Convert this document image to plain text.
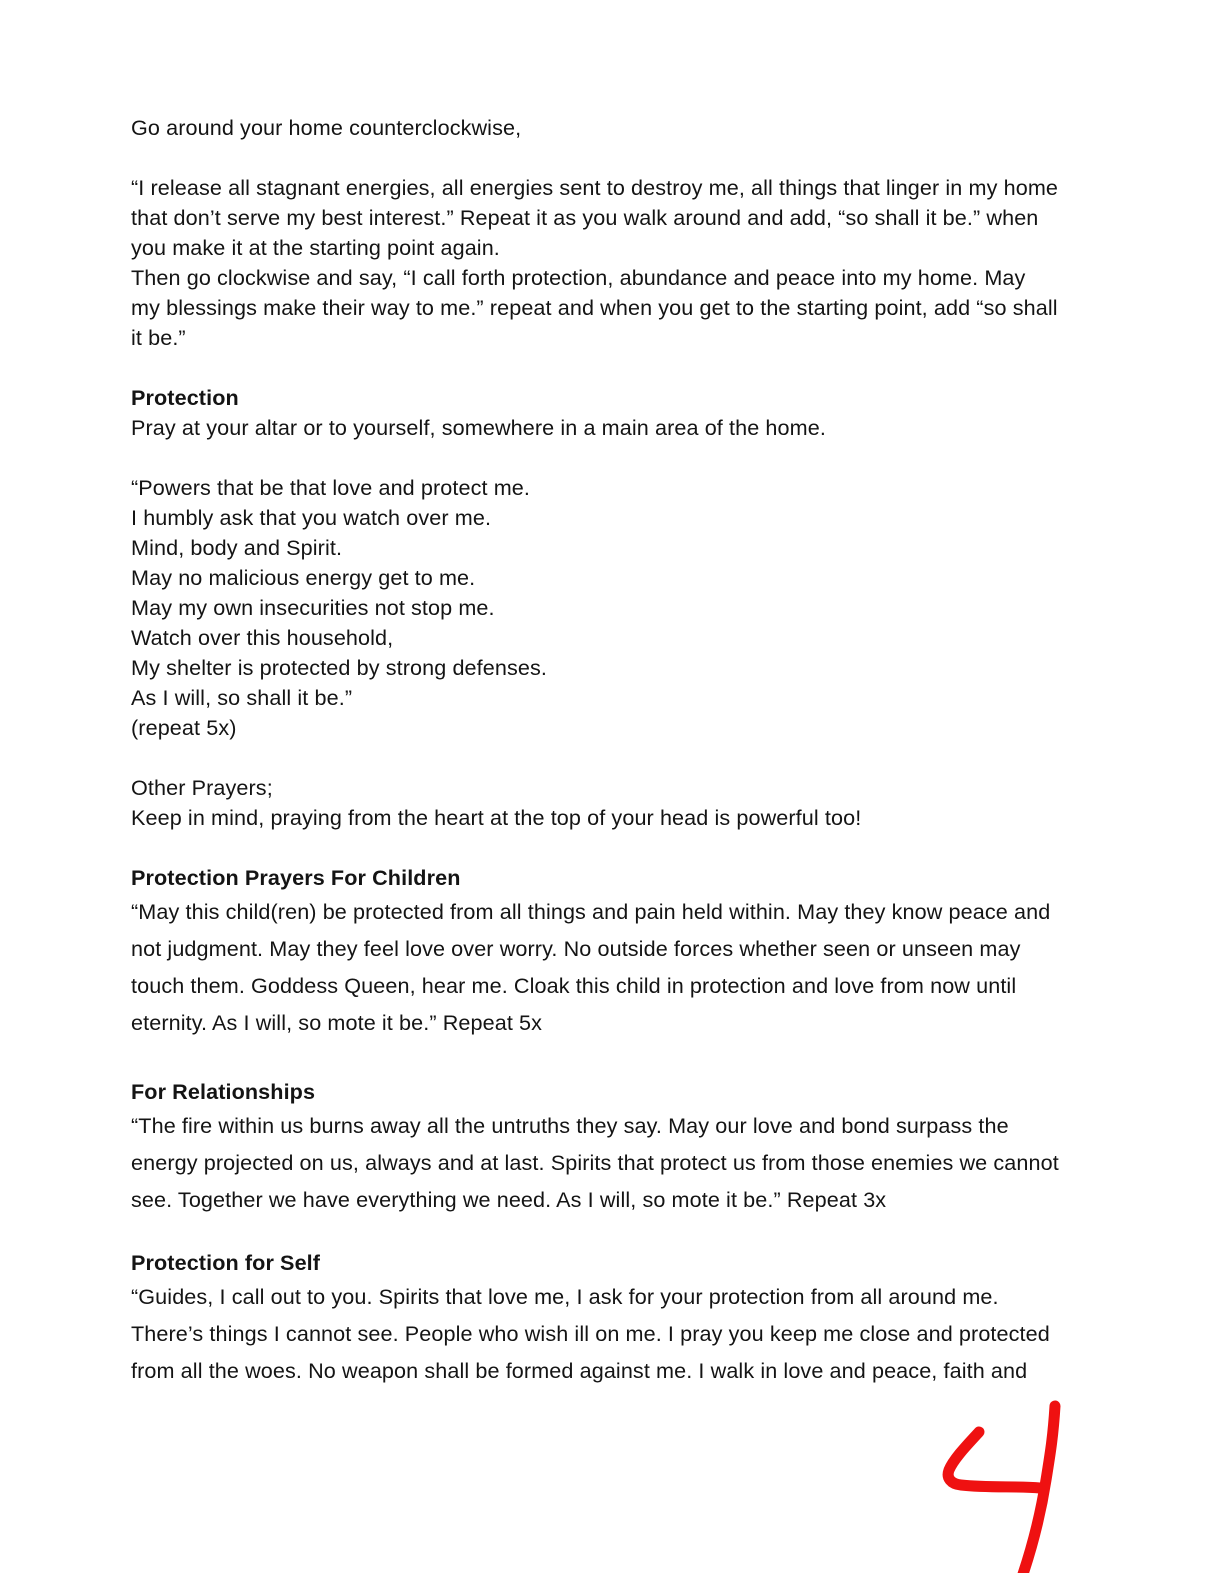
Go around your home counterclockwise,
“I release all stagnant energies, all energies sent to destroy me, all things that linger in my home
that don’t serve my best interest.” Repeat it as you walk around and add, “so shall it be.” when
you make it at the starting point again.
Then go clockwise and say, “I call forth protection, abundance and peace into my home. May
my blessings make their way to me.” repeat and when you get to the starting point, add “so shall
it be.”
Protection
Pray at your altar or to yourself, somewhere in a main area of the home.
“Powers that be that love and protect me.
I humbly ask that you watch over me.
Mind, body and Spirit.
May no malicious energy get to me.
May my own insecurities not stop me.
Watch over this household,
My shelter is protected by strong defenses.
As I will, so shall it be.”
(repeat 5x)
Other Prayers;
Keep in mind, praying from the heart at the top of your head is powerful too!
Protection Prayers For Children
“May this child(ren) be protected from all things and pain held within. May they know peace and
not judgment. May they feel love over worry. No outside forces whether seen or unseen may
touch them. Goddess Queen, hear me. Cloak this child in protection and love from now until
eternity. As I will, so mote it be.” Repeat 5x
For Relationships
“The fire within us burns away all the untruths they say. May our love and bond surpass the
energy projected on us, always and at last. Spirits that protect us from those enemies we cannot
see. Together we have everything we need. As I will, so mote it be.” Repeat 3x
Protection for Self
“Guides, I call out to you. Spirits that love me, I ask for your protection from all around me.
There’s things I cannot see. People who wish ill on me. I pray you keep me close and protected
from all the woes. No weapon shall be formed against me. I walk in love and peace, faith and
